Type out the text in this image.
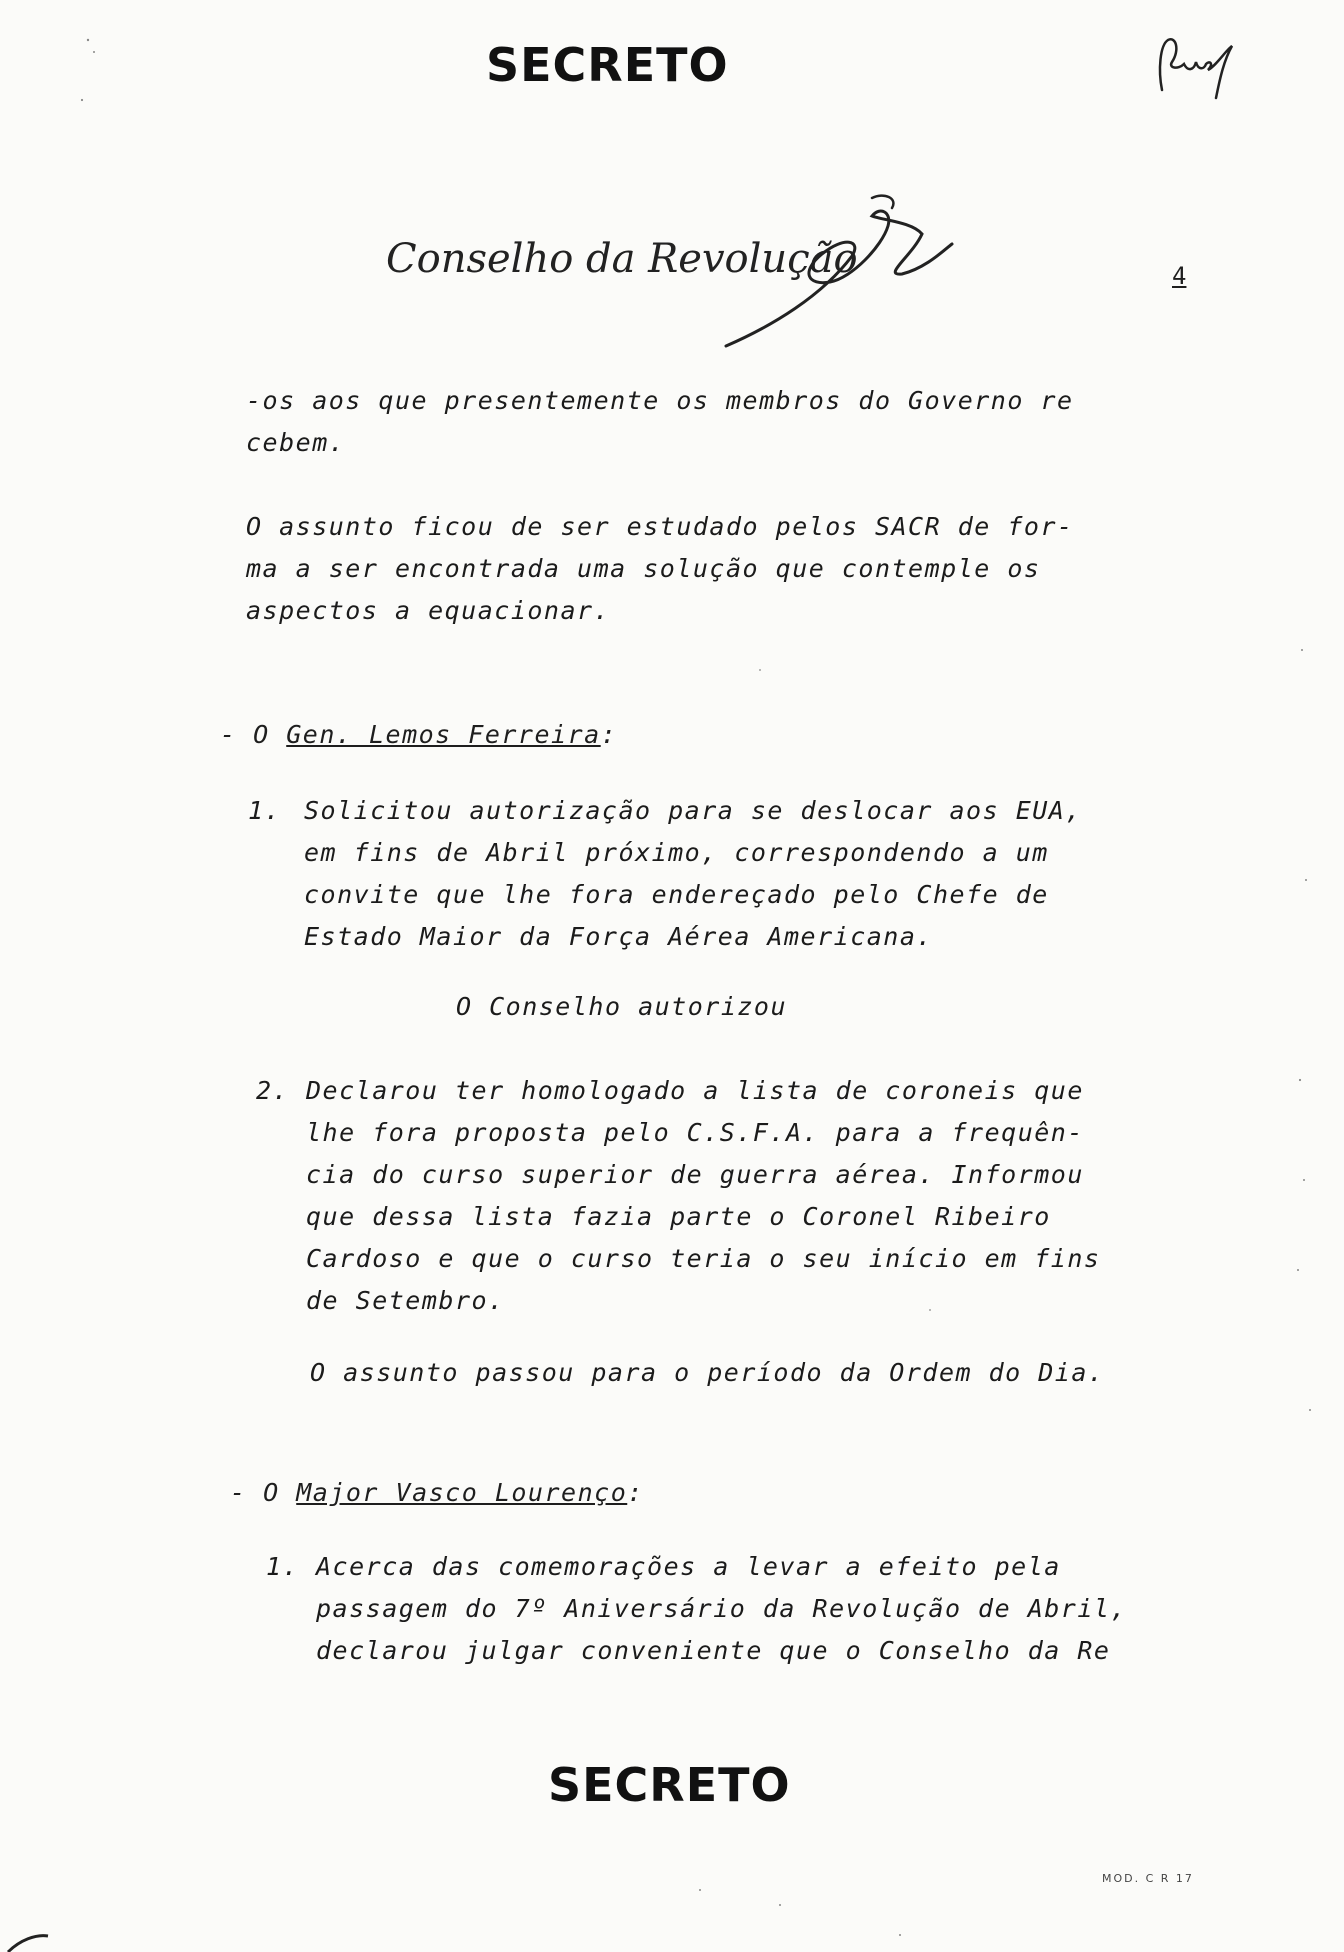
SECRETO
Conselho da Revolução	4
-os aos que presentemente os membros do Governo re
cebem.
O assunto ficou de ser estudado pelos SACR de for-
ma a ser encontrada uma solução que contemple os
aspectos a equacionar.
- O Gen. Lemos Ferreira:
1. Solicitou autorização para se deslocar aos EUA,
em fins de Abril próximo, correspondendo a um
convite que lhe fora endereçado pelo Chefe de
Estado Maior da Força Aérea Americana.
O Conselho autorizou
2. Declarou ter homologado a lista de coroneis que
lhe fora proposta pelo C.S.F.A. para a frequên-
cia do curso superior de guerra aérea. Informou
que dessa lista fazia parte o Coronel Ribeiro
Cardoso e que o curso teria o seu início em fins
de Setembro.
O assunto passou para o período da Ordem do Dia.
- O Major Vasco Lourenço:
1. Acerca das comemorações a levar a efeito pela
passagem do 7º Aniversário da Revolução de Abril,
declarou julgar conveniente que o Conselho da Re
SECRETO
MOD. C R 17
